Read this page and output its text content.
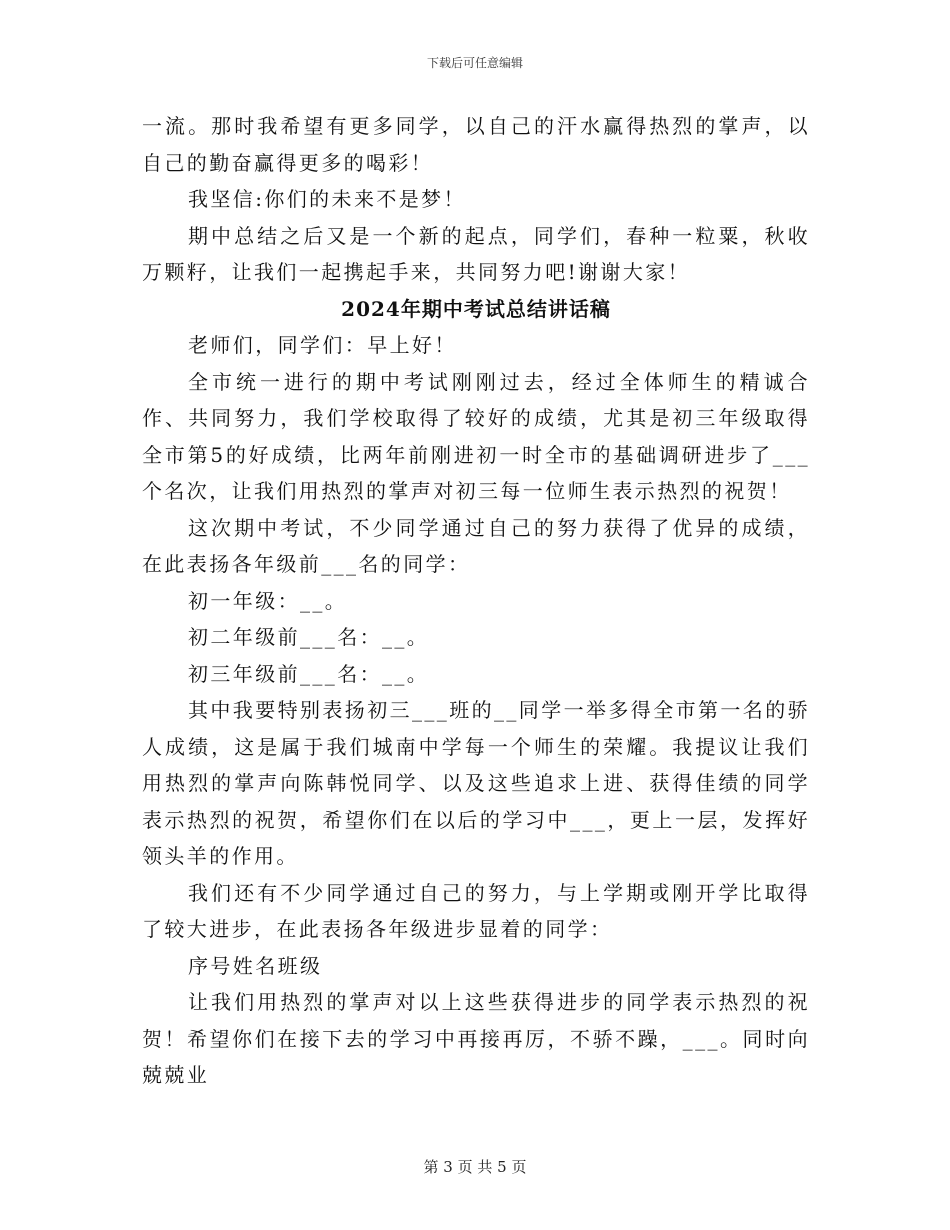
下载后可任意编辑

一流。那时我希望有更多同学，以自己的汗水赢得热烈的掌声，以自己的勤奋赢得更多的喝彩！

我坚信:你们的未来不是梦！

期中总结之后又是一个新的起点，同学们，春种一粒粟，秋收万颗籽，让我们一起携起手来，共同努力吧!谢谢大家！

2024年期中考试总结讲话稿

老师们，同学们：早上好！

全市统一进行的期中考试刚刚过去，经过全体师生的精诚合作、共同努力，我们学校取得了较好的成绩，尤其是初三年级取得全市第5的好成绩，比两年前刚进初一时全市的基础调研进步了___个名次，让我们用热烈的掌声对初三每一位师生表示热烈的祝贺！

这次期中考试，不少同学通过自己的努力获得了优异的成绩，在此表扬各年级前___名的同学：

初一年级：__。

初二年级前___名：__。

初三年级前___名：__。

其中我要特别表扬初三___班的__同学一举多得全市第一名的骄人成绩，这是属于我们城南中学每一个师生的荣耀。我提议让我们用热烈的掌声向陈韩悦同学、以及这些追求上进、获得佳绩的同学表示热烈的祝贺，希望你们在以后的学习中___，更上一层，发挥好领头羊的作用。

我们还有不少同学通过自己的努力，与上学期或刚开学比取得了较大进步，在此表扬各年级进步显着的同学：

序号姓名班级

让我们用热烈的掌声对以上这些获得进步的同学表示热烈的祝贺！希望你们在接下去的学习中再接再厉，不骄不躁，___。同时向兢兢业

第 3 页 共 5 页
